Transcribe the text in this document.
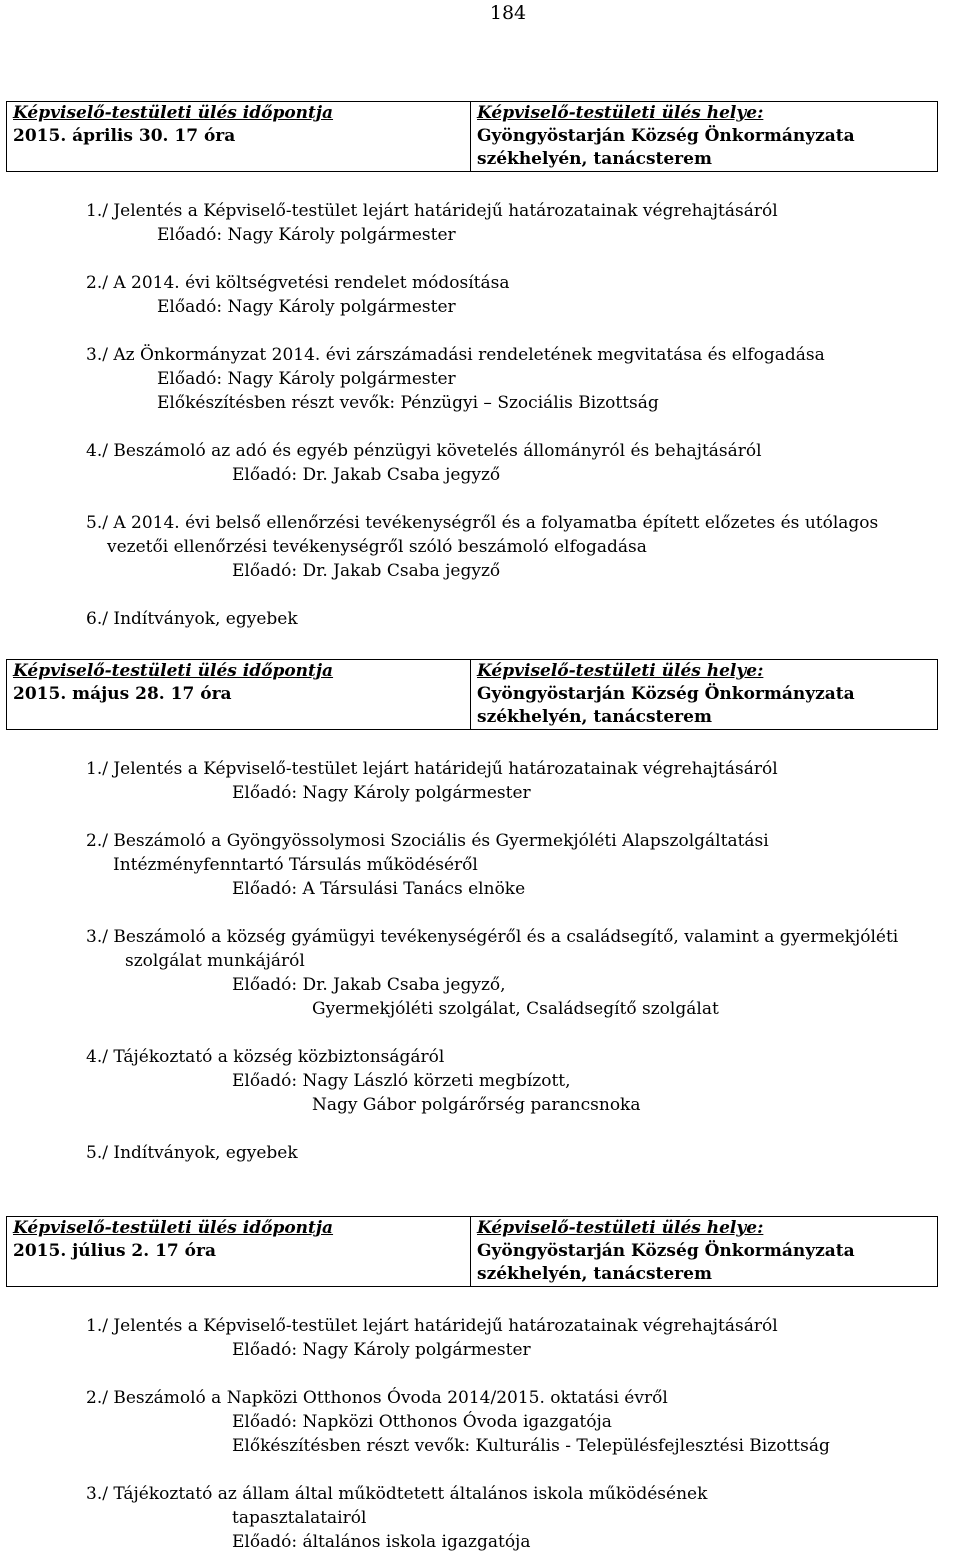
184
Képviselő-testületi ülés időpontja
2015. április 30. 17 óra
Képviselő-testületi ülés helye:
Gyöngyöstarján Község Önkormányzata
székhelyén, tanácsterem
1./ Jelentés a Képviselő-testület lejárt határidejű határozatainak végrehajtásáról
Előadó: Nagy Károly polgármester
2./ A 2014. évi költségvetési rendelet módosítása
Előadó: Nagy Károly polgármester
3./ Az Önkormányzat 2014. évi zárszámadási rendeletének megvitatása és elfogadása
Előadó: Nagy Károly polgármester
Előkészítésben részt vevők: Pénzügyi – Szociális Bizottság
4./ Beszámoló az adó és egyéb pénzügyi követelés állományról és behajtásáról
Előadó: Dr. Jakab Csaba jegyző
5./ A 2014. évi belső ellenőrzési tevékenységről és a folyamatba épített előzetes és utólagos
vezetői ellenőrzési tevékenységről szóló beszámoló elfogadása
Előadó: Dr. Jakab Csaba jegyző
6./ Indítványok, egyebek
Képviselő-testületi ülés időpontja
2015. május 28. 17 óra
Képviselő-testületi ülés helye:
Gyöngyöstarján Község Önkormányzata
székhelyén, tanácsterem
1./ Jelentés a Képviselő-testület lejárt határidejű határozatainak végrehajtásáról
Előadó: Nagy Károly polgármester
2./ Beszámoló a Gyöngyössolymosi Szociális és Gyermekjóléti Alapszolgáltatási
Intézményfenntartó Társulás működéséről
Előadó: A Társulási Tanács elnöke
3./ Beszámoló a község gyámügyi tevékenységéről és a családsegítő, valamint a gyermekjóléti
szolgálat munkájáról
Előadó: Dr. Jakab Csaba jegyző,
Gyermekjóléti szolgálat, Családsegítő szolgálat
4./ Tájékoztató a község közbiztonságáról
Előadó: Nagy László körzeti megbízott,
Nagy Gábor polgárőrség parancsnoka
5./ Indítványok, egyebek
Képviselő-testületi ülés időpontja
2015. július 2. 17 óra
Képviselő-testületi ülés helye:
Gyöngyöstarján Község Önkormányzata
székhelyén, tanácsterem
1./ Jelentés a Képviselő-testület lejárt határidejű határozatainak végrehajtásáról
Előadó: Nagy Károly polgármester
2./ Beszámoló a Napközi Otthonos Óvoda 2014/2015. oktatási évről
Előadó: Napközi Otthonos Óvoda igazgatója
Előkészítésben részt vevők: Kulturális - Településfejlesztési Bizottság
3./ Tájékoztató az állam által működtetett általános iskola működésének
tapasztalatairól
Előadó: általános iskola igazgatója
